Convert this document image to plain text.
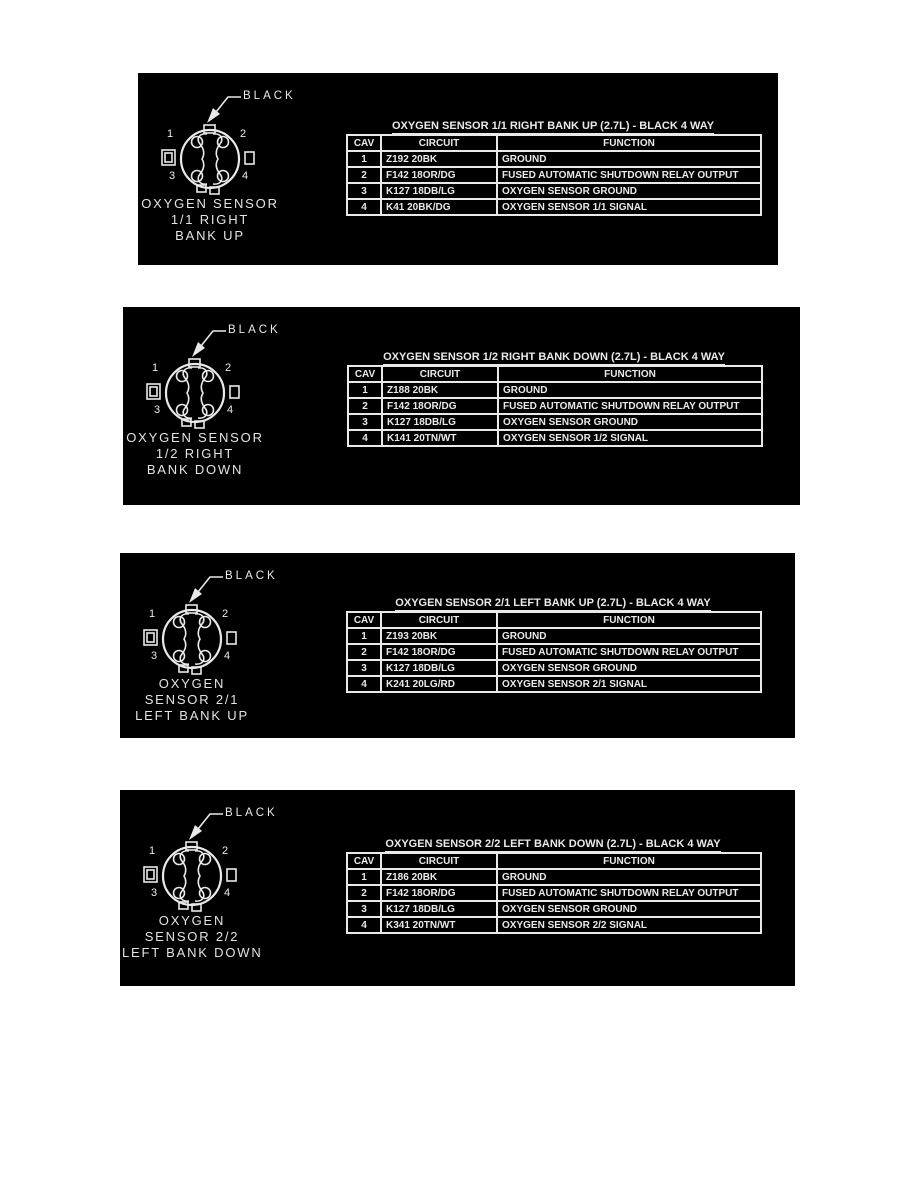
BLACK
1	2
3	4
OXYGEN SENSOR
1/1 RIGHT
BANK UP
OXYGEN SENSOR 1/1 RIGHT BANK UP (2.7L) - BLACK 4 WAY
CAV	CIRCUIT	FUNCTION
1	Z192 20BK	GROUND
2	F142 18OR/DG	FUSED AUTOMATIC SHUTDOWN RELAY OUTPUT
3	K127 18DB/LG	OXYGEN SENSOR GROUND
4	K41 20BK/DG	OXYGEN SENSOR 1/1 SIGNAL
BLACK
1	2
3	4
OXYGEN SENSOR
1/2 RIGHT
BANK DOWN
OXYGEN SENSOR 1/2 RIGHT BANK DOWN (2.7L) - BLACK 4 WAY
CAV	CIRCUIT	FUNCTION
1	Z188 20BK	GROUND
2	F142 18OR/DG	FUSED AUTOMATIC SHUTDOWN RELAY OUTPUT
3	K127 18DB/LG	OXYGEN SENSOR GROUND
4	K141 20TN/WT	OXYGEN SENSOR 1/2 SIGNAL
BLACK
1	2
3	4
OXYGEN
SENSOR 2/1
LEFT BANK UP
OXYGEN SENSOR 2/1 LEFT BANK UP (2.7L) - BLACK 4 WAY
CAV	CIRCUIT	FUNCTION
1	Z193 20BK	GROUND
2	F142 18OR/DG	FUSED AUTOMATIC SHUTDOWN RELAY OUTPUT
3	K127 18DB/LG	OXYGEN SENSOR GROUND
4	K241 20LG/RD	OXYGEN SENSOR 2/1 SIGNAL
BLACK
1	2
3	4
OXYGEN
SENSOR 2/2
LEFT BANK DOWN
OXYGEN SENSOR 2/2 LEFT BANK DOWN (2.7L) - BLACK 4 WAY
CAV	CIRCUIT	FUNCTION
1	Z186 20BK	GROUND
2	F142 18OR/DG	FUSED AUTOMATIC SHUTDOWN RELAY OUTPUT
3	K127 18DB/LG	OXYGEN SENSOR GROUND
4	K341 20TN/WT	OXYGEN SENSOR 2/2 SIGNAL
